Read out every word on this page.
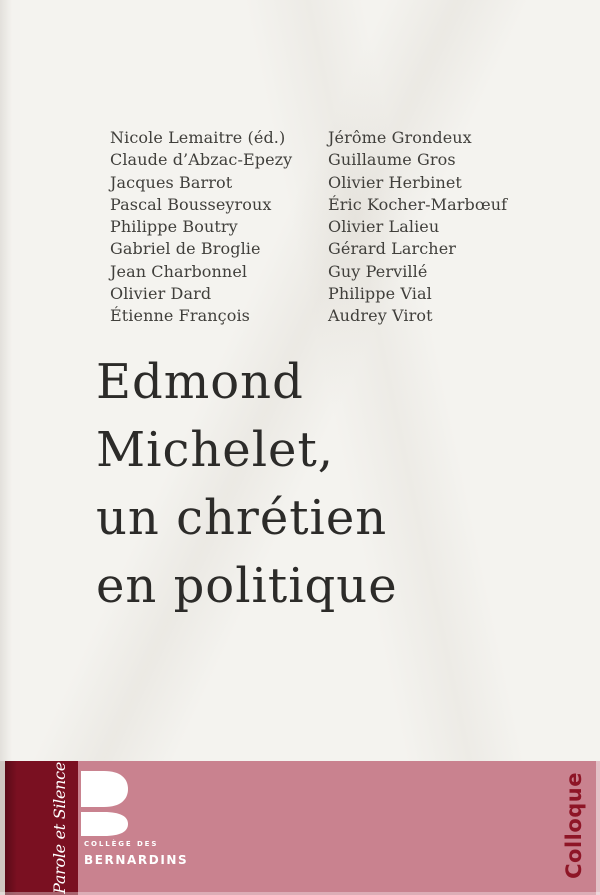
Nicole Lemaitre (éd.)
Claude d’Abzac-Epezy
Jacques Barrot
Pascal Bousseyroux
Philippe Boutry
Gabriel de Broglie
Jean Charbonnel
Olivier Dard
Étienne François
Jérôme Grondeux
Guillaume Gros
Olivier Herbinet
Éric Kocher-Marbœuf
Olivier Lalieu
Gérard Larcher
Guy Pervillé
Philippe Vial
Audrey Virot
Edmond
Michelet,
un chrétien
en politique
Parole et Silence COLLÈGE DES
BERNARDINS	Colloque
